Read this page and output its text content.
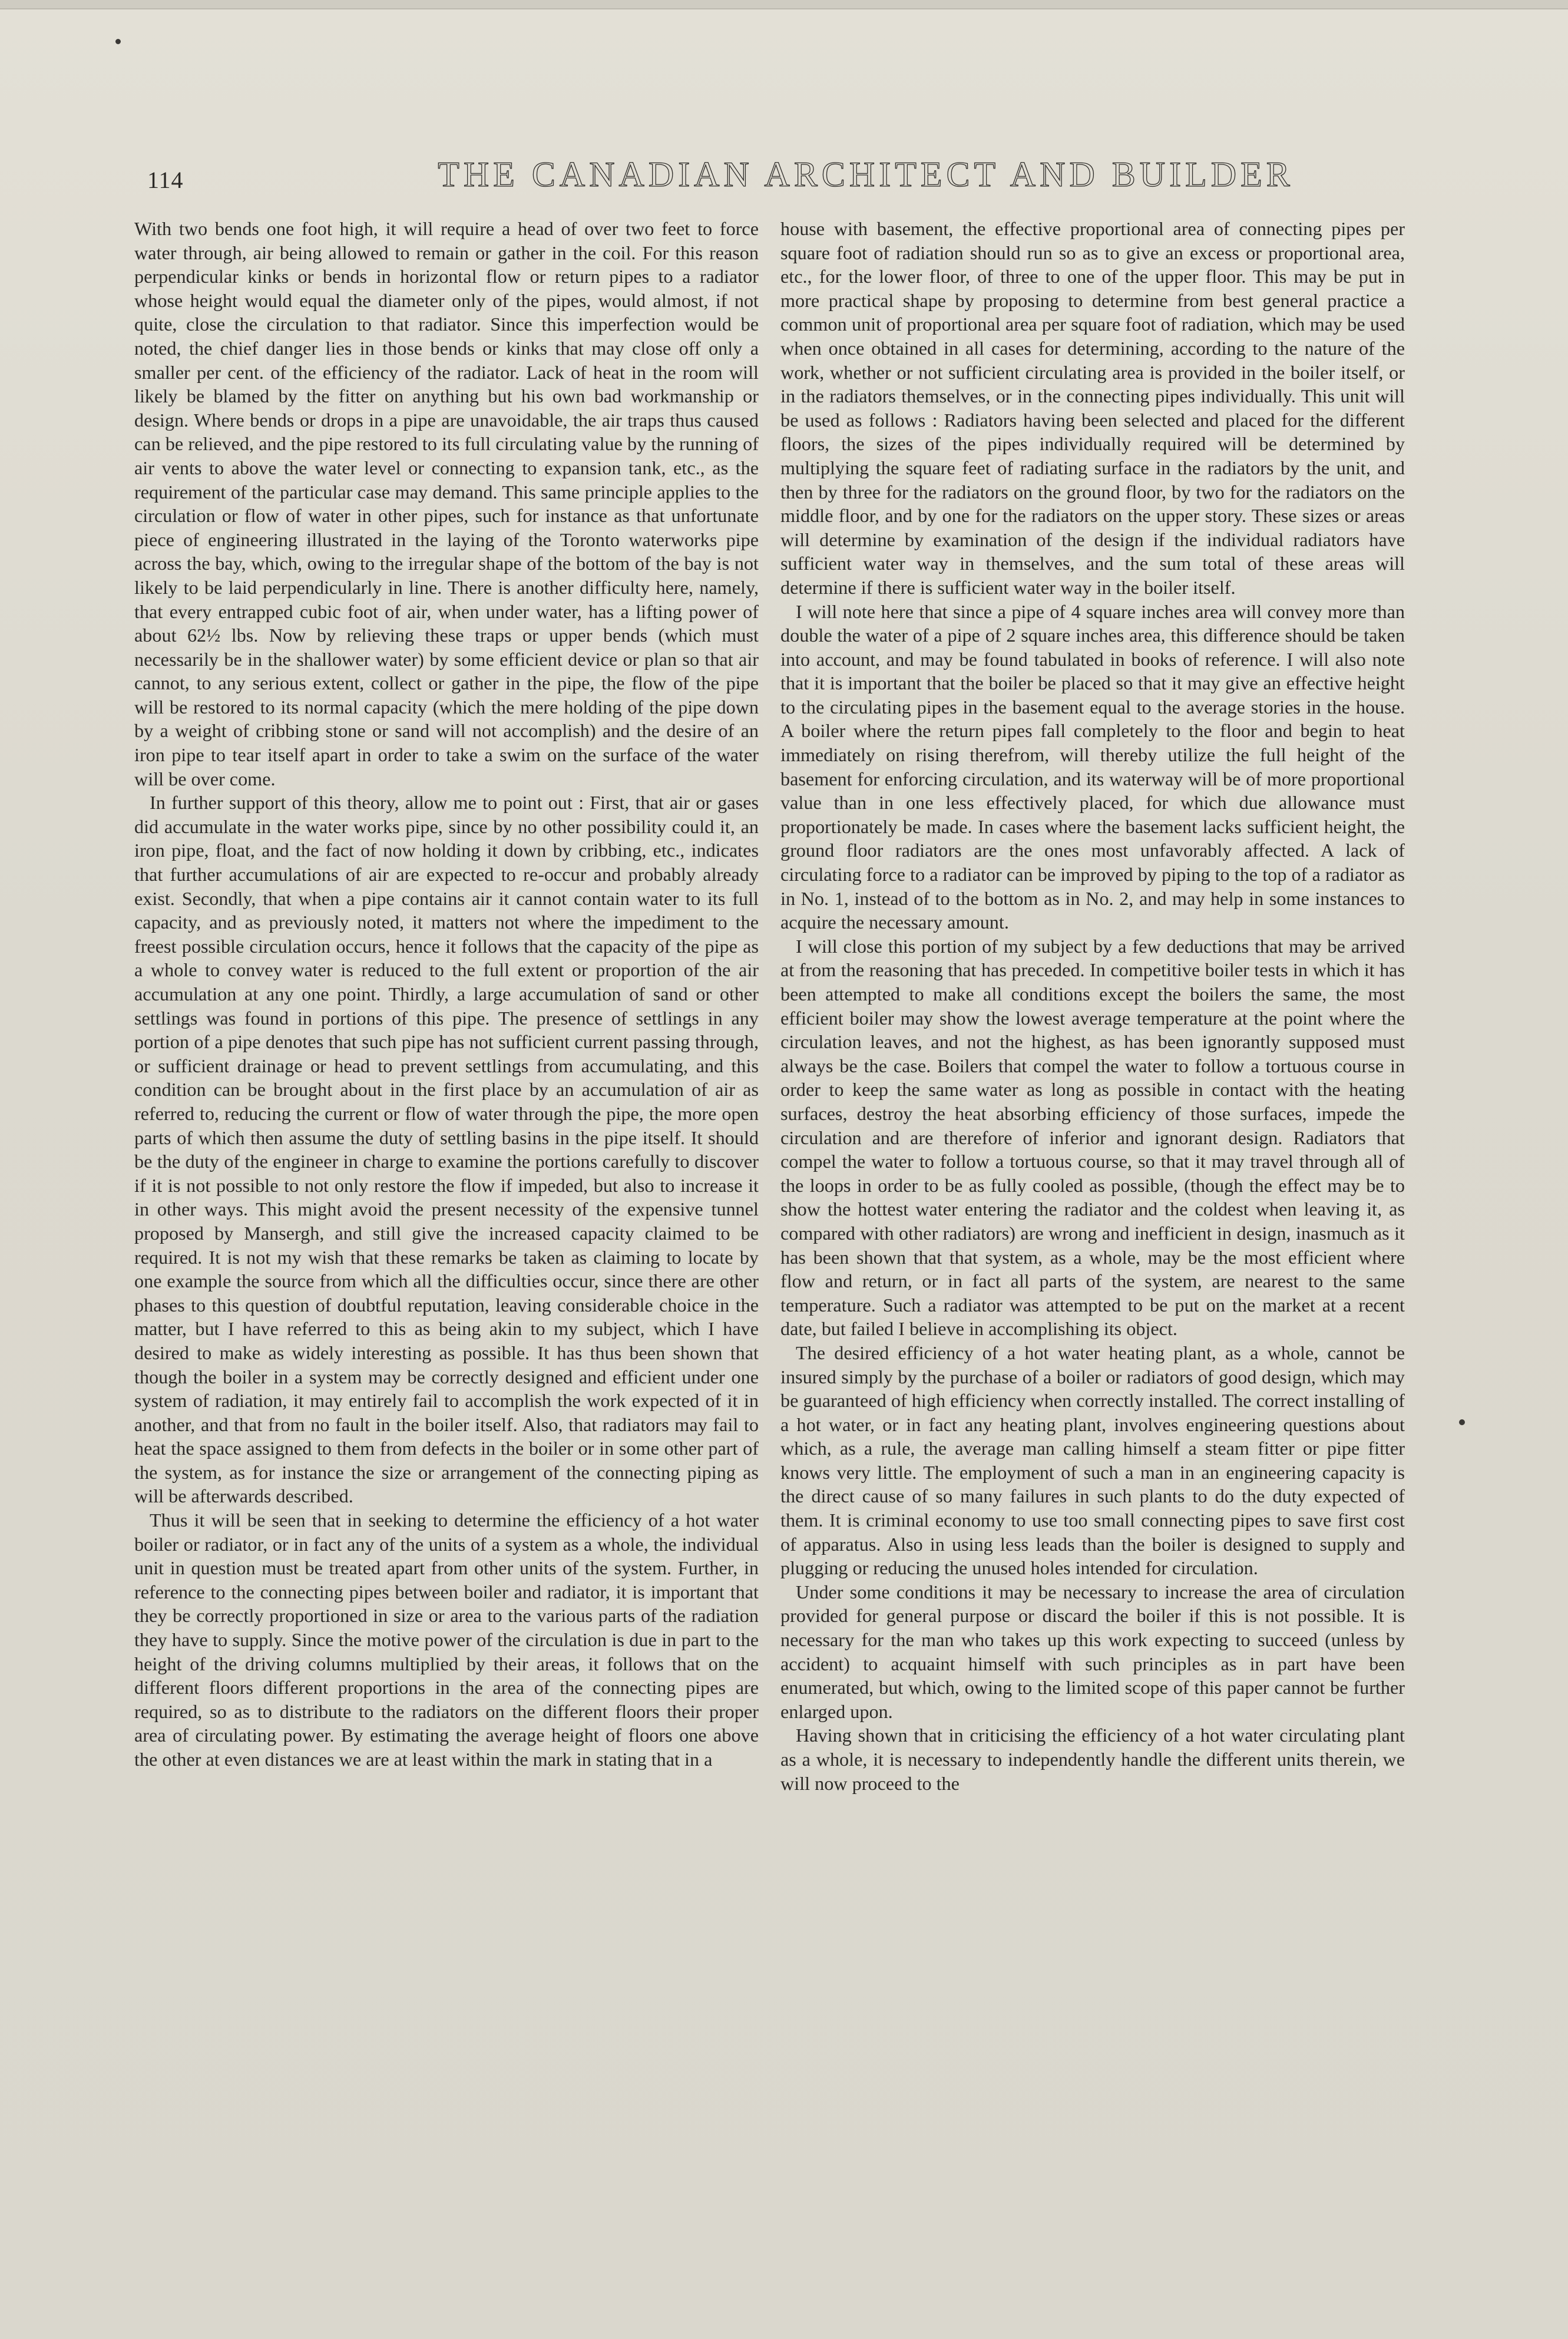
114	THE CANADIAN ARCHITECT AND BUILDER

With two bends one foot high, it will require a head of over two feet to force water through, air being allowed to remain or gather in the coil. For this reason perpendicular kinks or bends in horizontal flow or return pipes to a radiator whose height would equal the diameter only of the pipes, would almost, if not quite, close the circulation to that radiator. Since this imperfection would be noted, the chief danger lies in those bends or kinks that may close off only a smaller per cent. of the efficiency of the radiator. Lack of heat in the room will likely be blamed by the fitter on anything but his own bad workmanship or design. Where bends or drops in a pipe are unavoidable, the air traps thus caused can be relieved, and the pipe restored to its full circulating value by the running of air vents to above the water level or connecting to expansion tank, etc., as the requirement of the particular case may demand. This same principle applies to the circulation or flow of water in other pipes, such for instance as that unfortunate piece of engineering illustrated in the laying of the Toronto waterworks pipe across the bay, which, owing to the irregular shape of the bottom of the bay is not likely to be laid perpendicularly in line. There is another difficulty here, namely, that every entrapped cubic foot of air, when under water, has a lifting power of about 62½ lbs. Now by relieving these traps or upper bends (which must necessarily be in the shallower water) by some efficient device or plan so that air cannot, to any serious extent, collect or gather in the pipe, the flow of the pipe will be restored to its normal capacity (which the mere holding of the pipe down by a weight of cribbing stone or sand will not accomplish) and the desire of an iron pipe to tear itself apart in order to take a swim on the surface of the water will be over come.

In further support of this theory, allow me to point out : First, that air or gases did accumulate in the water works pipe, since by no other possibility could it, an iron pipe, float, and the fact of now holding it down by cribbing, etc., indicates that further accumulations of air are expected to re-occur and probably already exist. Secondly, that when a pipe contains air it cannot contain water to its full capacity, and as previously noted, it matters not where the impediment to the freest possible circulation occurs, hence it follows that the capacity of the pipe as a whole to convey water is reduced to the full extent or proportion of the air accumulation at any one point. Thirdly, a large accumulation of sand or other settlings was found in portions of this pipe. The presence of settlings in any portion of a pipe denotes that such pipe has not sufficient current passing through, or sufficient drainage or head to prevent settlings from accumulating, and this condition can be brought about in the first place by an accumulation of air as referred to, reducing the current or flow of water through the pipe, the more open parts of which then assume the duty of settling basins in the pipe itself. It should be the duty of the engineer in charge to examine the portions carefully to discover if it is not possible to not only restore the flow if impeded, but also to increase it in other ways. This might avoid the present necessity of the expensive tunnel proposed by Mansergh, and still give the increased capacity claimed to be required. It is not my wish that these remarks be taken as claiming to locate by one example the source from which all the difficulties occur, since there are other phases to this question of doubtful reputation, leaving considerable choice in the matter, but I have referred to this as being akin to my subject, which I have desired to make as widely interesting as possible. It has thus been shown that though the boiler in a system may be correctly designed and efficient under one system of radiation, it may entirely fail to accomplish the work expected of it in another, and that from no fault in the boiler itself. Also, that radiators may fail to heat the space assigned to them from defects in the boiler or in some other part of the system, as for instance the size or arrangement of the connecting piping as will be afterwards described.

Thus it will be seen that in seeking to determine the efficiency of a hot water boiler or radiator, or in fact any of the units of a system as a whole, the individual unit in question must be treated apart from other units of the system. Further, in reference to the connecting pipes between boiler and radiator, it is important that they be correctly proportioned in size or area to the various parts of the radiation they have to supply. Since the motive power of the circulation is due in part to the height of the driving columns multiplied by their areas, it follows that on the different floors different proportions in the area of the connecting pipes are required, so as to distribute to the radiators on the different floors their proper area of circulating power. By estimating the average height of floors one above the other at even distances we are at least within the mark in stating that in a

house with basement, the effective proportional area of connecting pipes per square foot of radiation should run so as to give an excess or proportional area, etc., for the lower floor, of three to one of the upper floor. This may be put in more practical shape by proposing to determine from best general practice a common unit of proportional area per square foot of radiation, which may be used when once obtained in all cases for determining, according to the nature of the work, whether or not sufficient circulating area is provided in the boiler itself, or in the radiators themselves, or in the connecting pipes individually. This unit will be used as follows : Radiators having been selected and placed for the different floors, the sizes of the pipes individually required will be determined by multiplying the square feet of radiating surface in the radiators by the unit, and then by three for the radiators on the ground floor, by two for the radiators on the middle floor, and by one for the radiators on the upper story. These sizes or areas will determine by examination of the design if the individual radiators have sufficient water way in themselves, and the sum total of these areas will determine if there is sufficient water way in the boiler itself.

I will note here that since a pipe of 4 square inches area will convey more than double the water of a pipe of 2 square inches area, this difference should be taken into account, and may be found tabulated in books of reference. I will also note that it is important that the boiler be placed so that it may give an effective height to the circulating pipes in the basement equal to the average stories in the house. A boiler where the return pipes fall completely to the floor and begin to heat immediately on rising therefrom, will thereby utilize the full height of the basement for enforcing circulation, and its waterway will be of more proportional value than in one less effectively placed, for which due allowance must proportionately be made. In cases where the basement lacks sufficient height, the ground floor radiators are the ones most unfavorably affected. A lack of circulating force to a radiator can be improved by piping to the top of a radiator as in No. 1, instead of to the bottom as in No. 2, and may help in some instances to acquire the necessary amount.

I will close this portion of my subject by a few deductions that may be arrived at from the reasoning that has preceded. In competitive boiler tests in which it has been attempted to make all conditions except the boilers the same, the most efficient boiler may show the lowest average temperature at the point where the circulation leaves, and not the highest, as has been ignorantly supposed must always be the case. Boilers that compel the water to follow a tortuous course in order to keep the same water as long as possible in contact with the heating surfaces, destroy the heat absorbing efficiency of those surfaces, impede the circulation and are therefore of inferior and ignorant design. Radiators that compel the water to follow a tortuous course, so that it may travel through all of the loops in order to be as fully cooled as possible, (though the effect may be to show the hottest water entering the radiator and the coldest when leaving it, as compared with other radiators) are wrong and inefficient in design, inasmuch as it has been shown that that system, as a whole, may be the most efficient where flow and return, or in fact all parts of the system, are nearest to the same temperature. Such a radiator was attempted to be put on the market at a recent date, but failed I believe in accomplishing its object.

The desired efficiency of a hot water heating plant, as a whole, cannot be insured simply by the purchase of a boiler or radiators of good design, which may be guaranteed of high efficiency when correctly installed. The correct installing of a hot water, or in fact any heating plant, involves engineering questions about which, as a rule, the average man calling himself a steam fitter or pipe fitter knows very little. The employment of such a man in an engineering capacity is the direct cause of so many failures in such plants to do the duty expected of them. It is criminal economy to use too small connecting pipes to save first cost of apparatus. Also in using less leads than the boiler is designed to supply and plugging or reducing the unused holes intended for circulation.

Under some conditions it may be necessary to increase the area of circulation provided for general purpose or discard the boiler if this is not possible. It is necessary for the man who takes up this work expecting to succeed (unless by accident) to acquaint himself with such principles as in part have been enumerated, but which, owing to the limited scope of this paper cannot be further enlarged upon.

Having shown that in criticising the efficiency of a hot water circulating plant as a whole, it is necessary to independently handle the different units therein, we will now proceed to the
